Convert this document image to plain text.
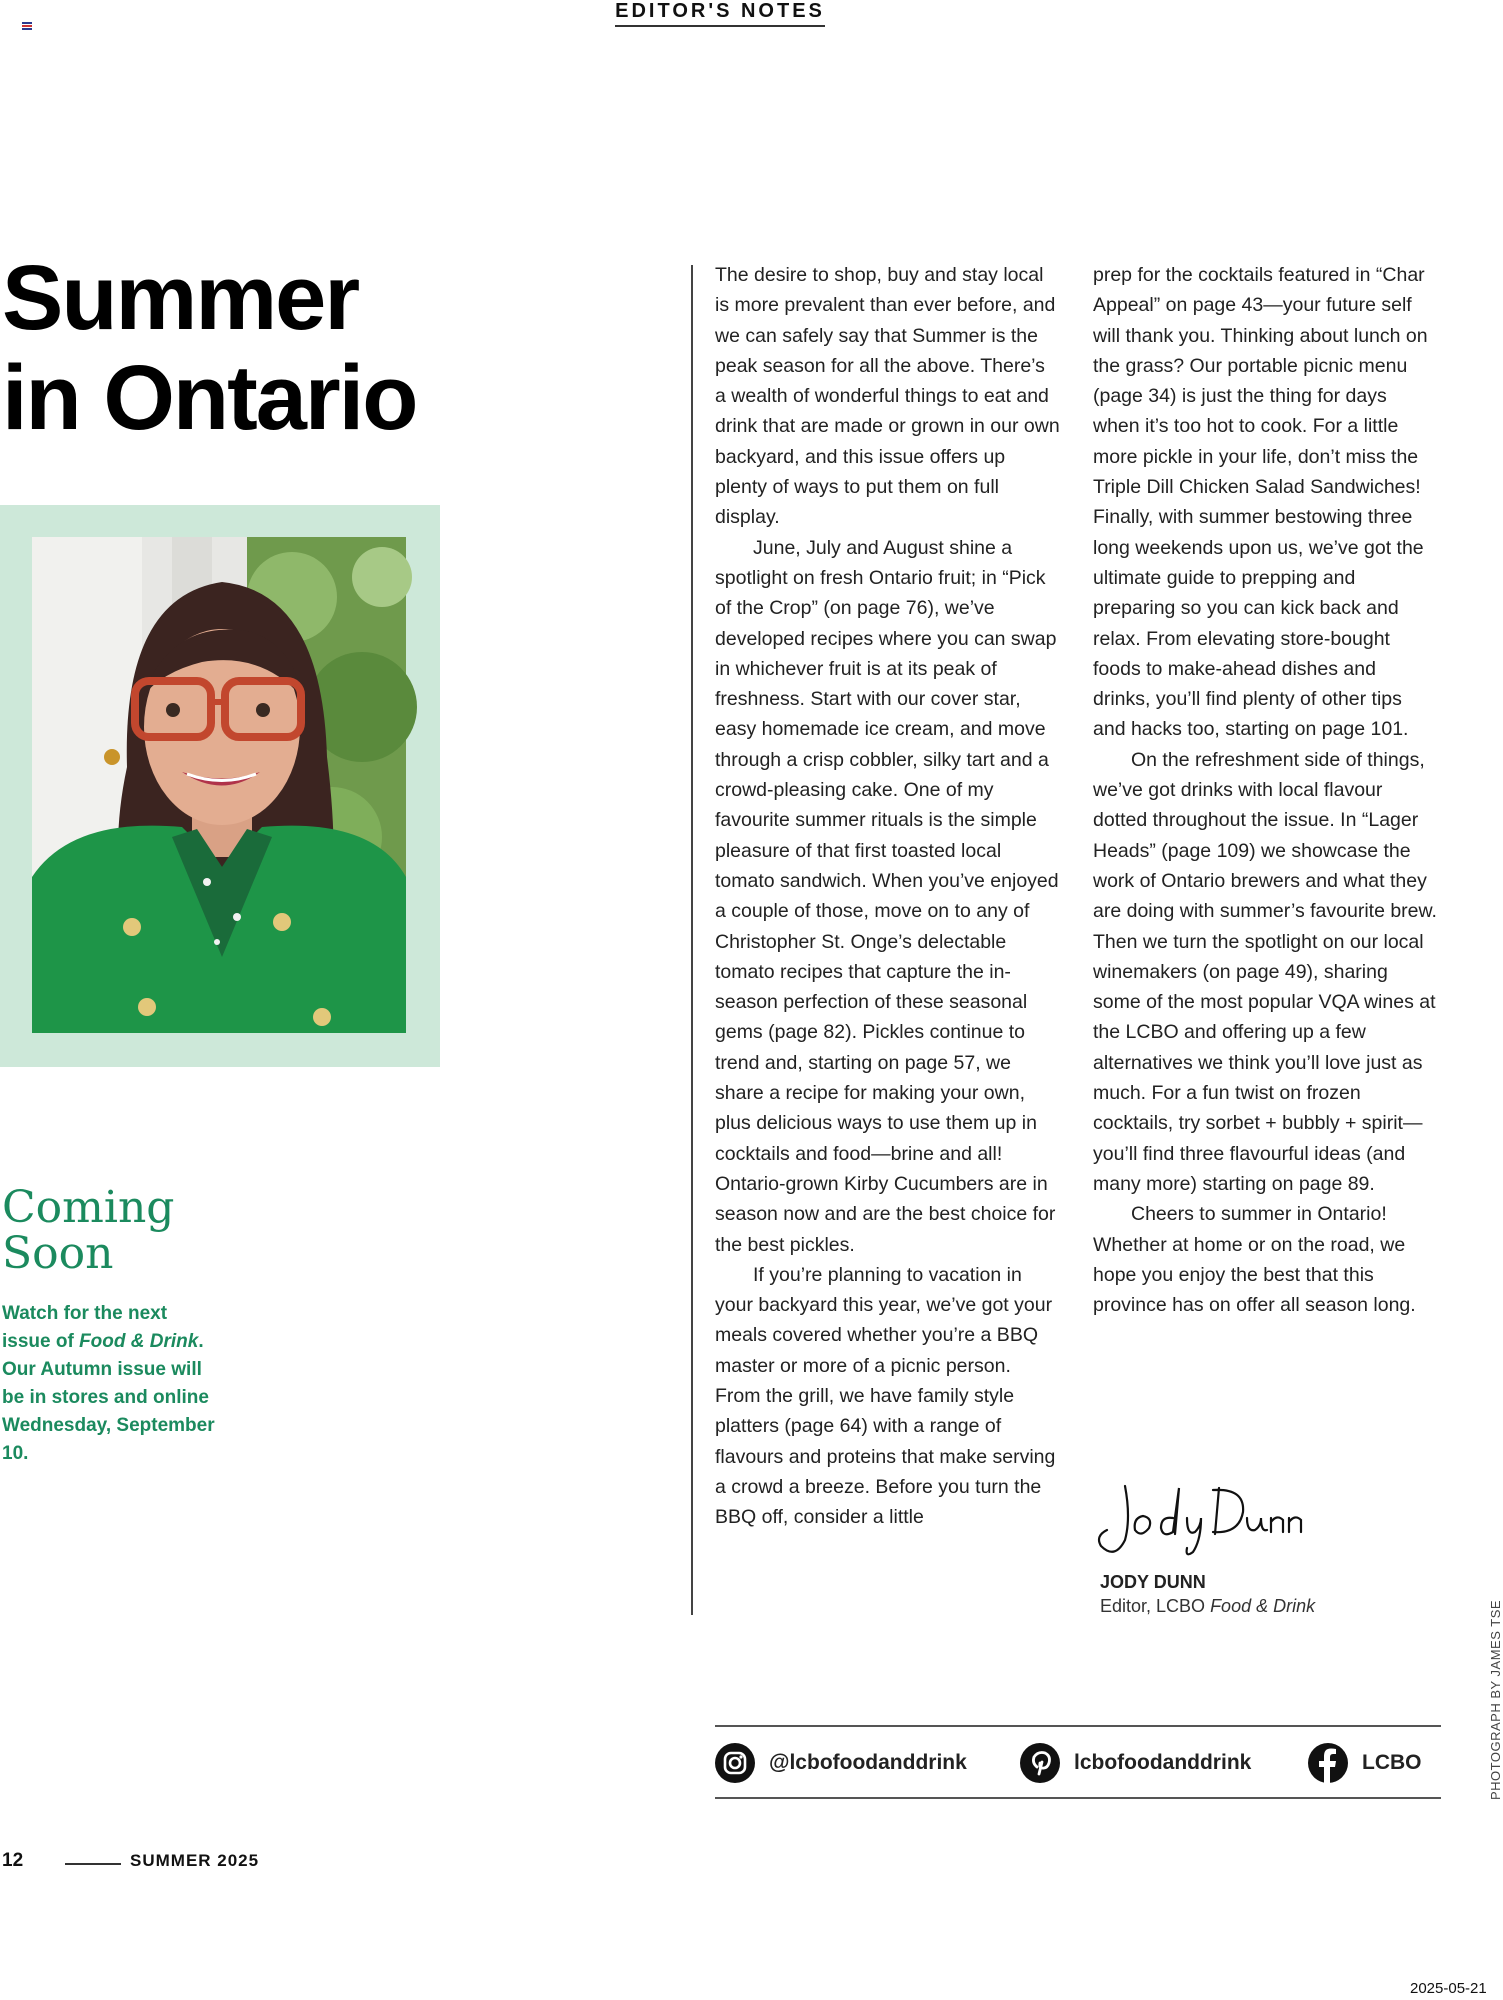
EDITOR'S NOTES
Summer
in Ontario
Coming
Soon
Watch for the next issue of Food & Drink. Our Autumn issue will be in stores and online Wednesday, September 10.

The desire to shop, buy and stay local is more prevalent than ever before, and we can safely say that Summer is the peak season for all the above. There’s a wealth of wonderful things to eat and drink that are made or grown in our own backyard, and this issue offers up plenty of ways to put them on full display.

June, July and August shine a spotlight on fresh Ontario fruit; in “Pick of the Crop” (on page 76), we’ve developed recipes where you can swap in whichever fruit is at its peak of freshness. Start with our cover star, easy homemade ice cream, and move through a crisp cobbler, silky tart and a crowd-pleasing cake. One of my favourite summer rituals is the simple pleasure of that first toasted local tomato sandwich. When you’ve enjoyed a couple of those, move on to any of Christopher St. Onge’s delectable tomato recipes that capture the in-season perfection of these seasonal gems (page 82). Pickles continue to trend and, starting on page 57, we share a recipe for making your own, plus delicious ways to use them up in cocktails and food—brine and all! Ontario-grown Kirby Cucumbers are in season now and are the best choice for the best pickles.

If you’re planning to vacation in your backyard this year, we’ve got your meals covered whether you’re a BBQ master or more of a picnic person. From the grill, we have family style platters (page 64) with a range of flavours and proteins that make serving a crowd a breeze. Before you turn the BBQ off, consider a little

prep for the cocktails featured in “Char Appeal” on page 43—your future self will thank you. Thinking about lunch on the grass? Our portable picnic menu (page 34) is just the thing for days when it’s too hot to cook. For a little more pickle in your life, don’t miss the Triple Dill Chicken Salad Sandwiches! Finally, with summer bestowing three long weekends upon us, we’ve got the ultimate guide to prepping and preparing so you can kick back and relax. From elevating store-bought foods to make-ahead dishes and drinks, you’ll find plenty of other tips and hacks too, starting on page 101.

On the refreshment side of things, we’ve got drinks with local flavour dotted throughout the issue. In “Lager Heads” (page 109) we showcase the work of Ontario brewers and what they are doing with summer’s favourite brew. Then we turn the spotlight on our local winemakers (on page 49), sharing some of the most popular VQA wines at the LCBO and offering up a few alternatives we think you’ll love just as much. For a fun twist on frozen cocktails, try sorbet + bubbly + spirit—you’ll find three flavourful ideas (and many more) starting on page 89.

Cheers to summer in Ontario! Whether at home or on the road, we hope you enjoy the best that this province has on offer all season long.

JODY DUNN
Editor, LCBO Food & Drink
@lcbofoodanddrink	lcbofoodanddrink	LCBO	PHOTOGRAPH BY JAMES TSE
12	SUMMER 2025
2025-05-21
